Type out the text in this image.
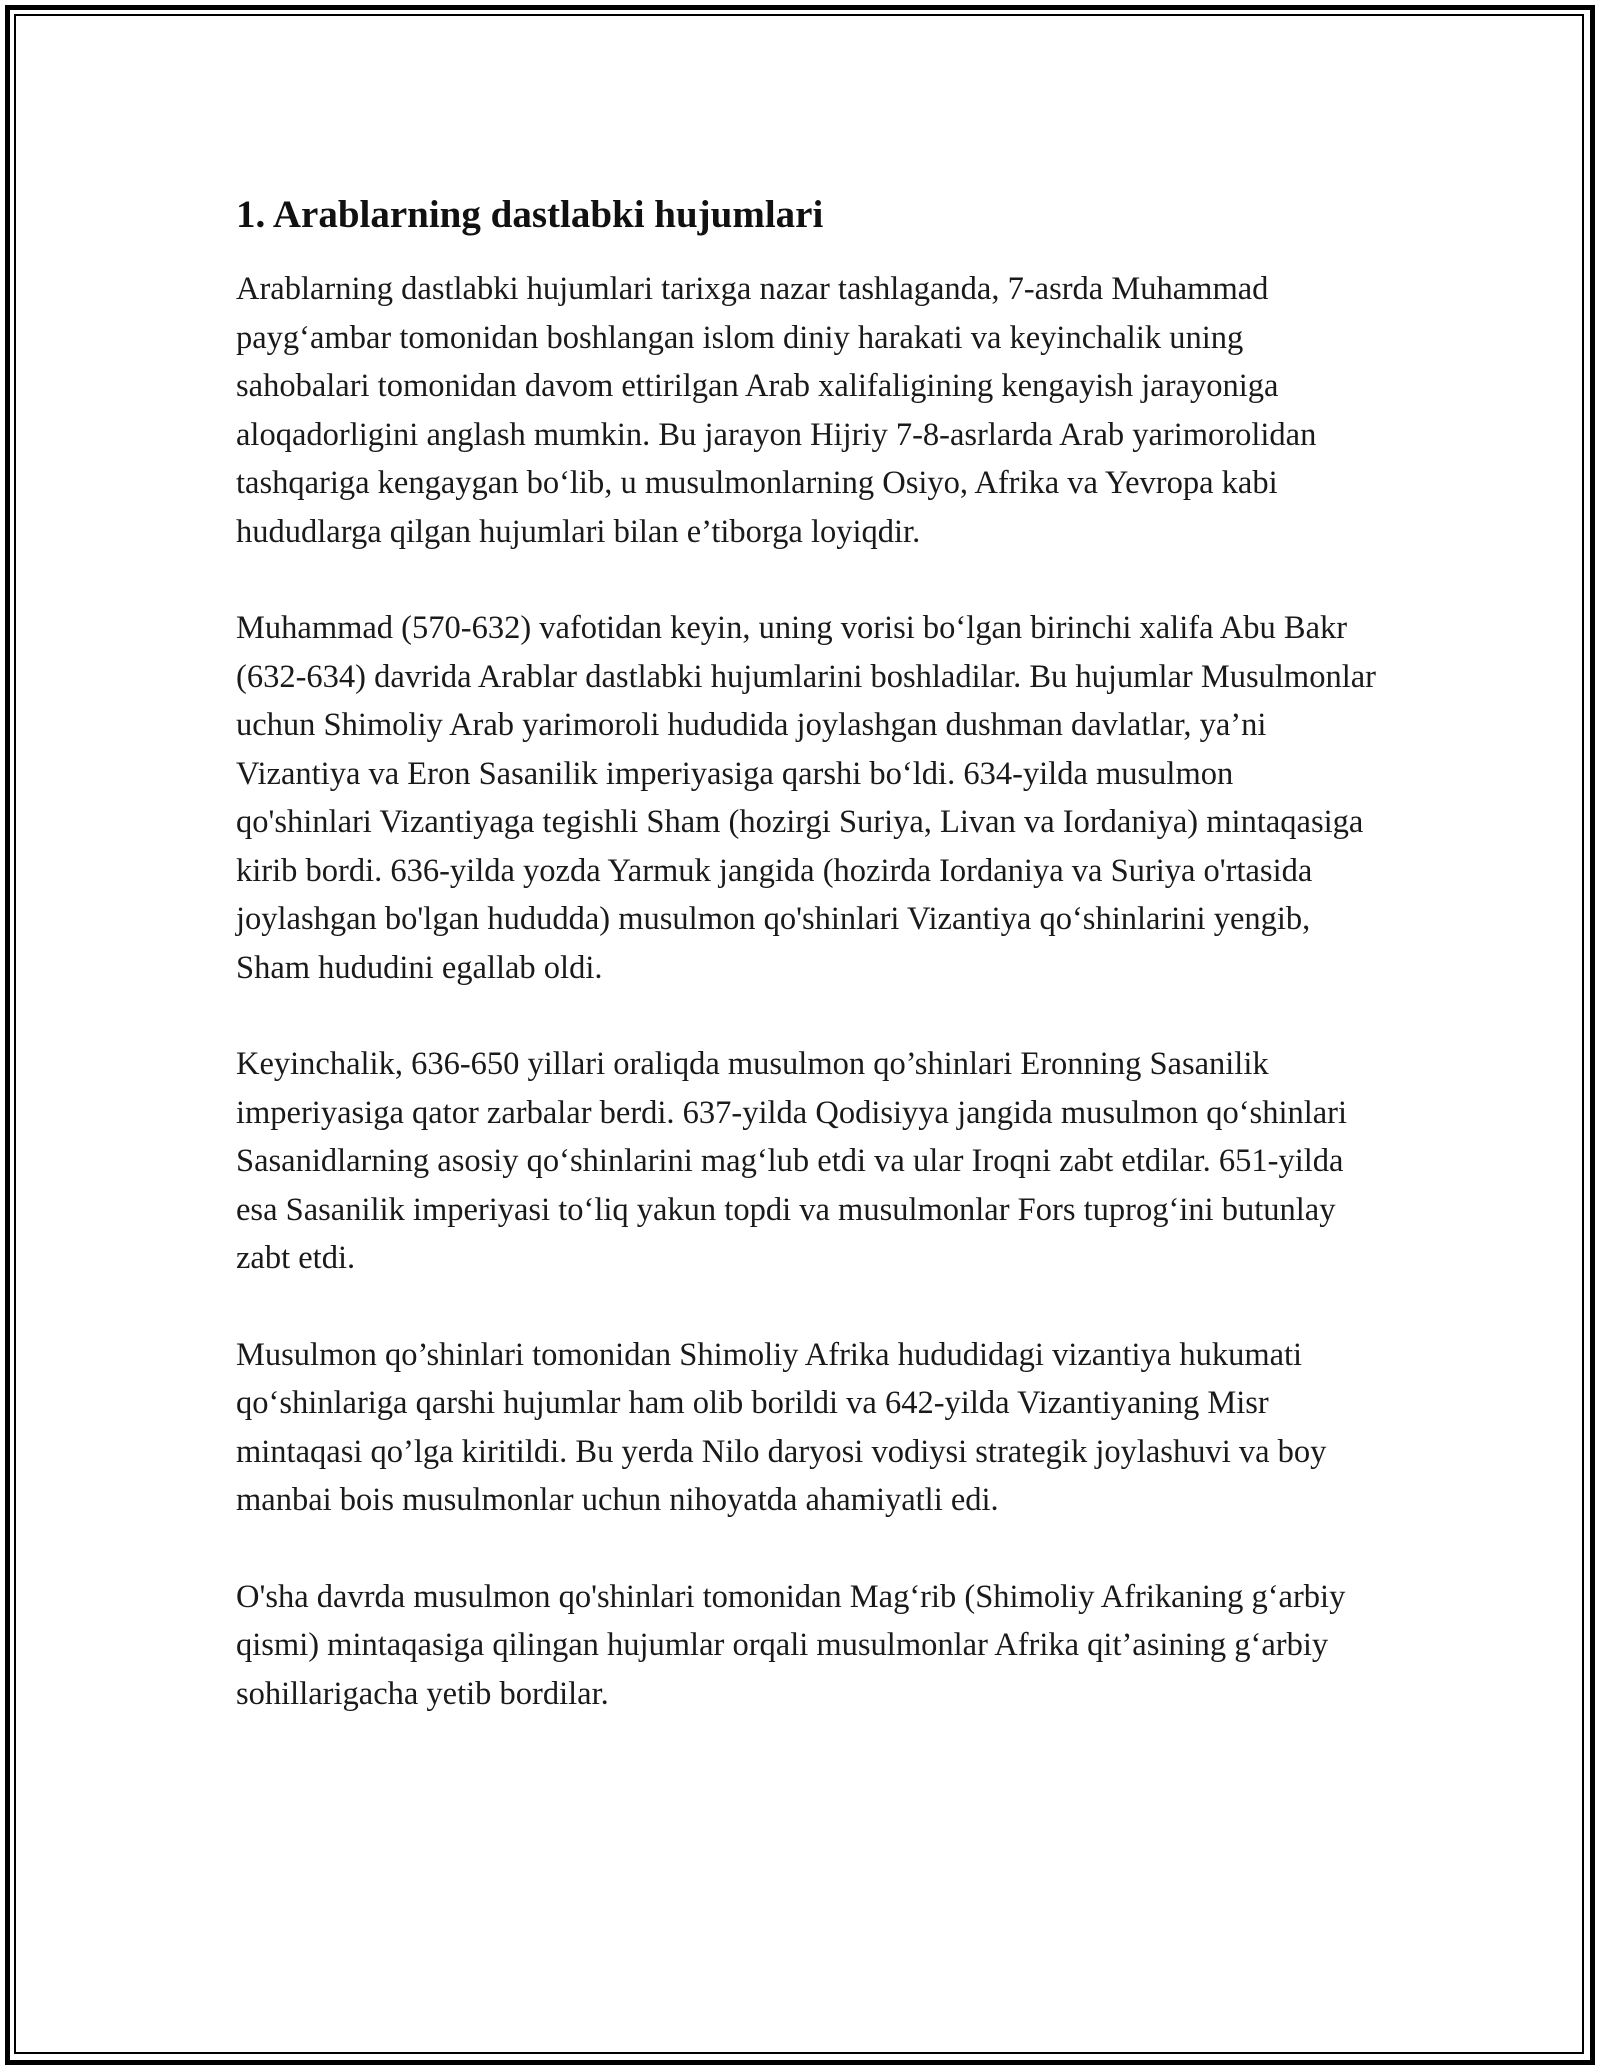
1. Arablarning dastlabki hujumlari

Arablarning dastlabki hujumlari tarixga nazar tashlaganda, 7-asrda Muhammad payg‘ambar tomonidan boshlangan islom diniy harakati va keyinchalik uning sahobalari tomonidan davom ettirilgan Arab xalifaligining kengayish jarayoniga aloqadorligini anglash mumkin. Bu jarayon Hijriy 7-8-asrlarda Arab yarimorolidan tashqariga kengaygan bo‘lib, u musulmonlarning Osiyo, Afrika va Yevropa kabi hududlarga qilgan hujumlari bilan e’tiborga loyiqdir.

Muhammad (570-632) vafotidan keyin, uning vorisi bo‘lgan birinchi xalifa Abu Bakr (632-634) davrida Arablar dastlabki hujumlarini boshladilar. Bu hujumlar Musulmonlar uchun Shimoliy Arab yarimoroli hududida joylashgan dushman davlatlar, ya’ni Vizantiya va Eron Sasanilik imperiyasiga qarshi bo‘ldi. 634-yilda musulmon qo'shinlari Vizantiyaga tegishli Sham (hozirgi Suriya, Livan va Iordaniya) mintaqasiga kirib bordi. 636-yilda yozda Yarmuk jangida (hozirda Iordaniya va Suriya o'rtasida joylashgan bo'lgan hududda) musulmon qo'shinlari Vizantiya qo‘shinlarini yengib, Sham hududini egallab oldi.

Keyinchalik, 636-650 yillari oraliqda musulmon qo’shinlari Eronning Sasanilik imperiyasiga qator zarbalar berdi. 637-yilda Qodisiyya jangida musulmon qo‘shinlari Sasanidlarning asosiy qo‘shinlarini mag‘lub etdi va ular Iroqni zabt etdilar. 651-yilda esa Sasanilik imperiyasi to‘liq yakun topdi va musulmonlar Fors tuprog‘ini butunlay zabt etdi.

Musulmon qo’shinlari tomonidan Shimoliy Afrika hududidagi vizantiya hukumati qo‘shinlariga qarshi hujumlar ham olib borildi va 642-yilda Vizantiyaning Misr mintaqasi qo’lga kiritildi. Bu yerda Nilo daryosi vodiysi strategik joylashuvi va boy manbai bois musulmonlar uchun nihoyatda ahamiyatli edi.

O'sha davrda musulmon qo'shinlari tomonidan Mag‘rib (Shimoliy Afrikaning g‘arbiy qismi) mintaqasiga qilingan hujumlar orqali musulmonlar Afrika qit’asining g‘arbiy sohillarigacha yetib bordilar.
